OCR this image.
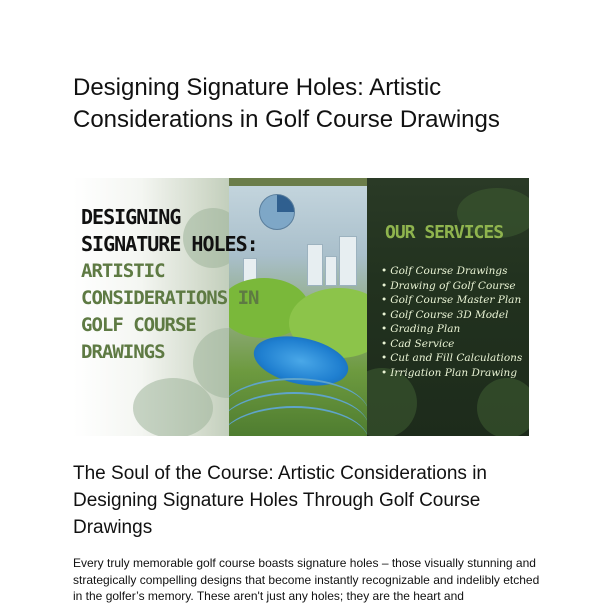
Designing Signature Holes: Artistic Considerations in Golf Course Drawings
OUR SERVICES
• Golf Course Drawings
• Drawing of Golf Course
• Golf Course Master Plan
• Golf Course 3D Model
• Grading Plan
• Cad Service
• Cut and Fill Calculations
• Irrigation Plan Drawing
DESIGNING
SIGNATURE HOLES:
ARTISTIC
CONSIDERATIONS IN
GOLF COURSE
DRAWINGS
The Soul of the Course: Artistic Considerations in Designing Signature Holes Through Golf Course Drawings

Every truly memorable golf course boasts signature holes – those visually stunning and strategically compelling designs that become instantly recognizable and indelibly etched in the golfer’s memory. These aren't just any holes; they are the heart and
